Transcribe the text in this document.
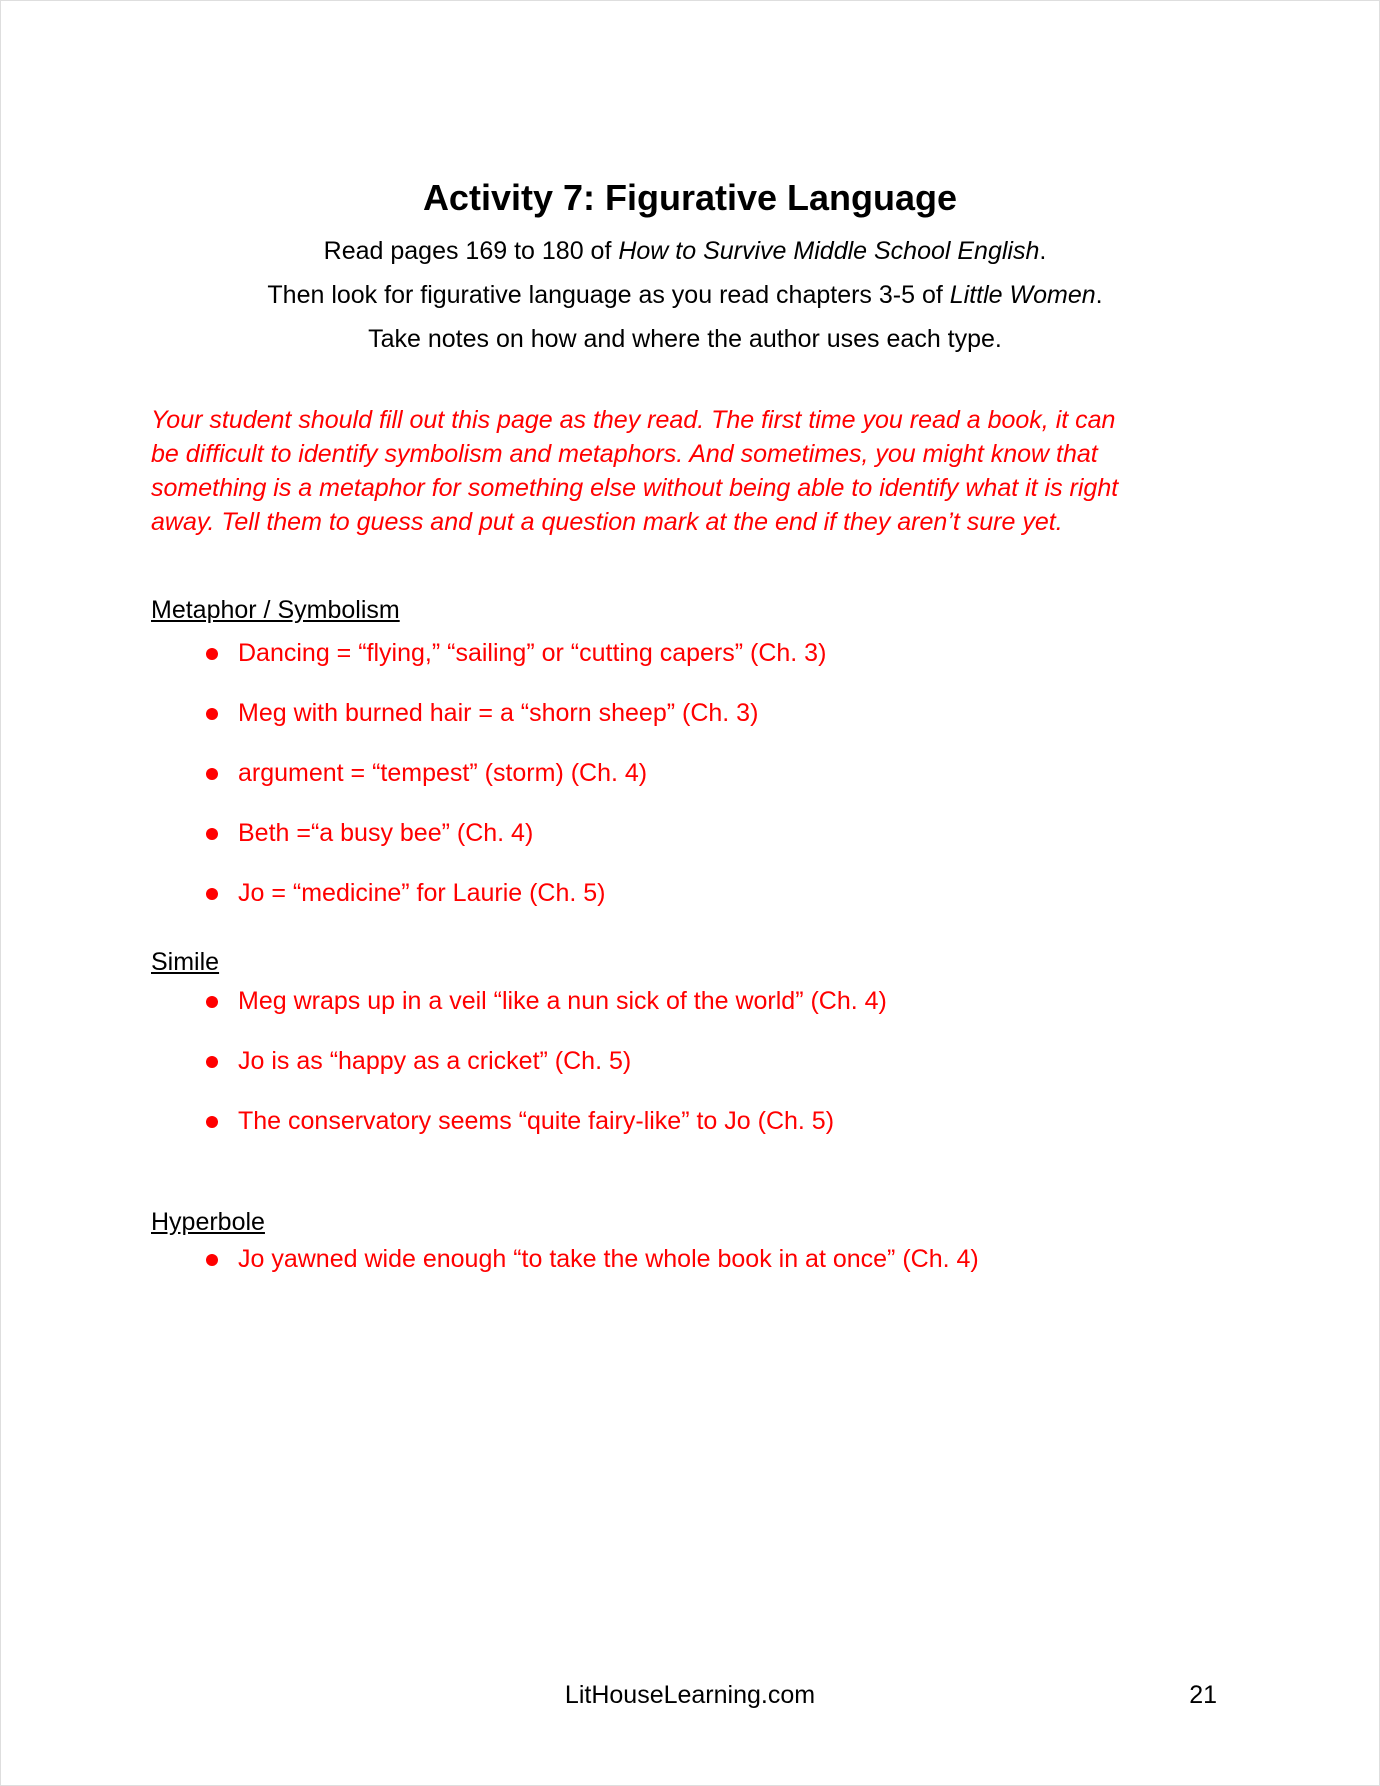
Activity 7: Figurative Language
Read pages 169 to 180 of How to Survive Middle School English.
Then look for figurative language as you read chapters 3-5 of Little Women.
Take notes on how and where the author uses each type.
Your student should fill out this page as they read. The first time you read a book, it can
be difficult to identify symbolism and metaphors. And sometimes, you might know that
something is a metaphor for something else without being able to identify what it is right
away. Tell them to guess and put a question mark at the end if they aren’t sure yet.
Metaphor / Symbolism
Dancing = “flying,” “sailing” or “cutting capers” (Ch. 3)
Meg with burned hair = a “shorn sheep” (Ch. 3)
argument = “tempest” (storm) (Ch. 4)
Beth =“a busy bee” (Ch. 4)
Jo = “medicine” for Laurie (Ch. 5)
Simile
Meg wraps up in a veil “like a nun sick of the world” (Ch. 4)
Jo is as “happy as a cricket” (Ch. 5)
The conservatory seems “quite fairy-like” to Jo (Ch. 5)
Hyperbole
Jo yawned wide enough “to take the whole book in at once” (Ch. 4)
LitHouseLearning.com	21
